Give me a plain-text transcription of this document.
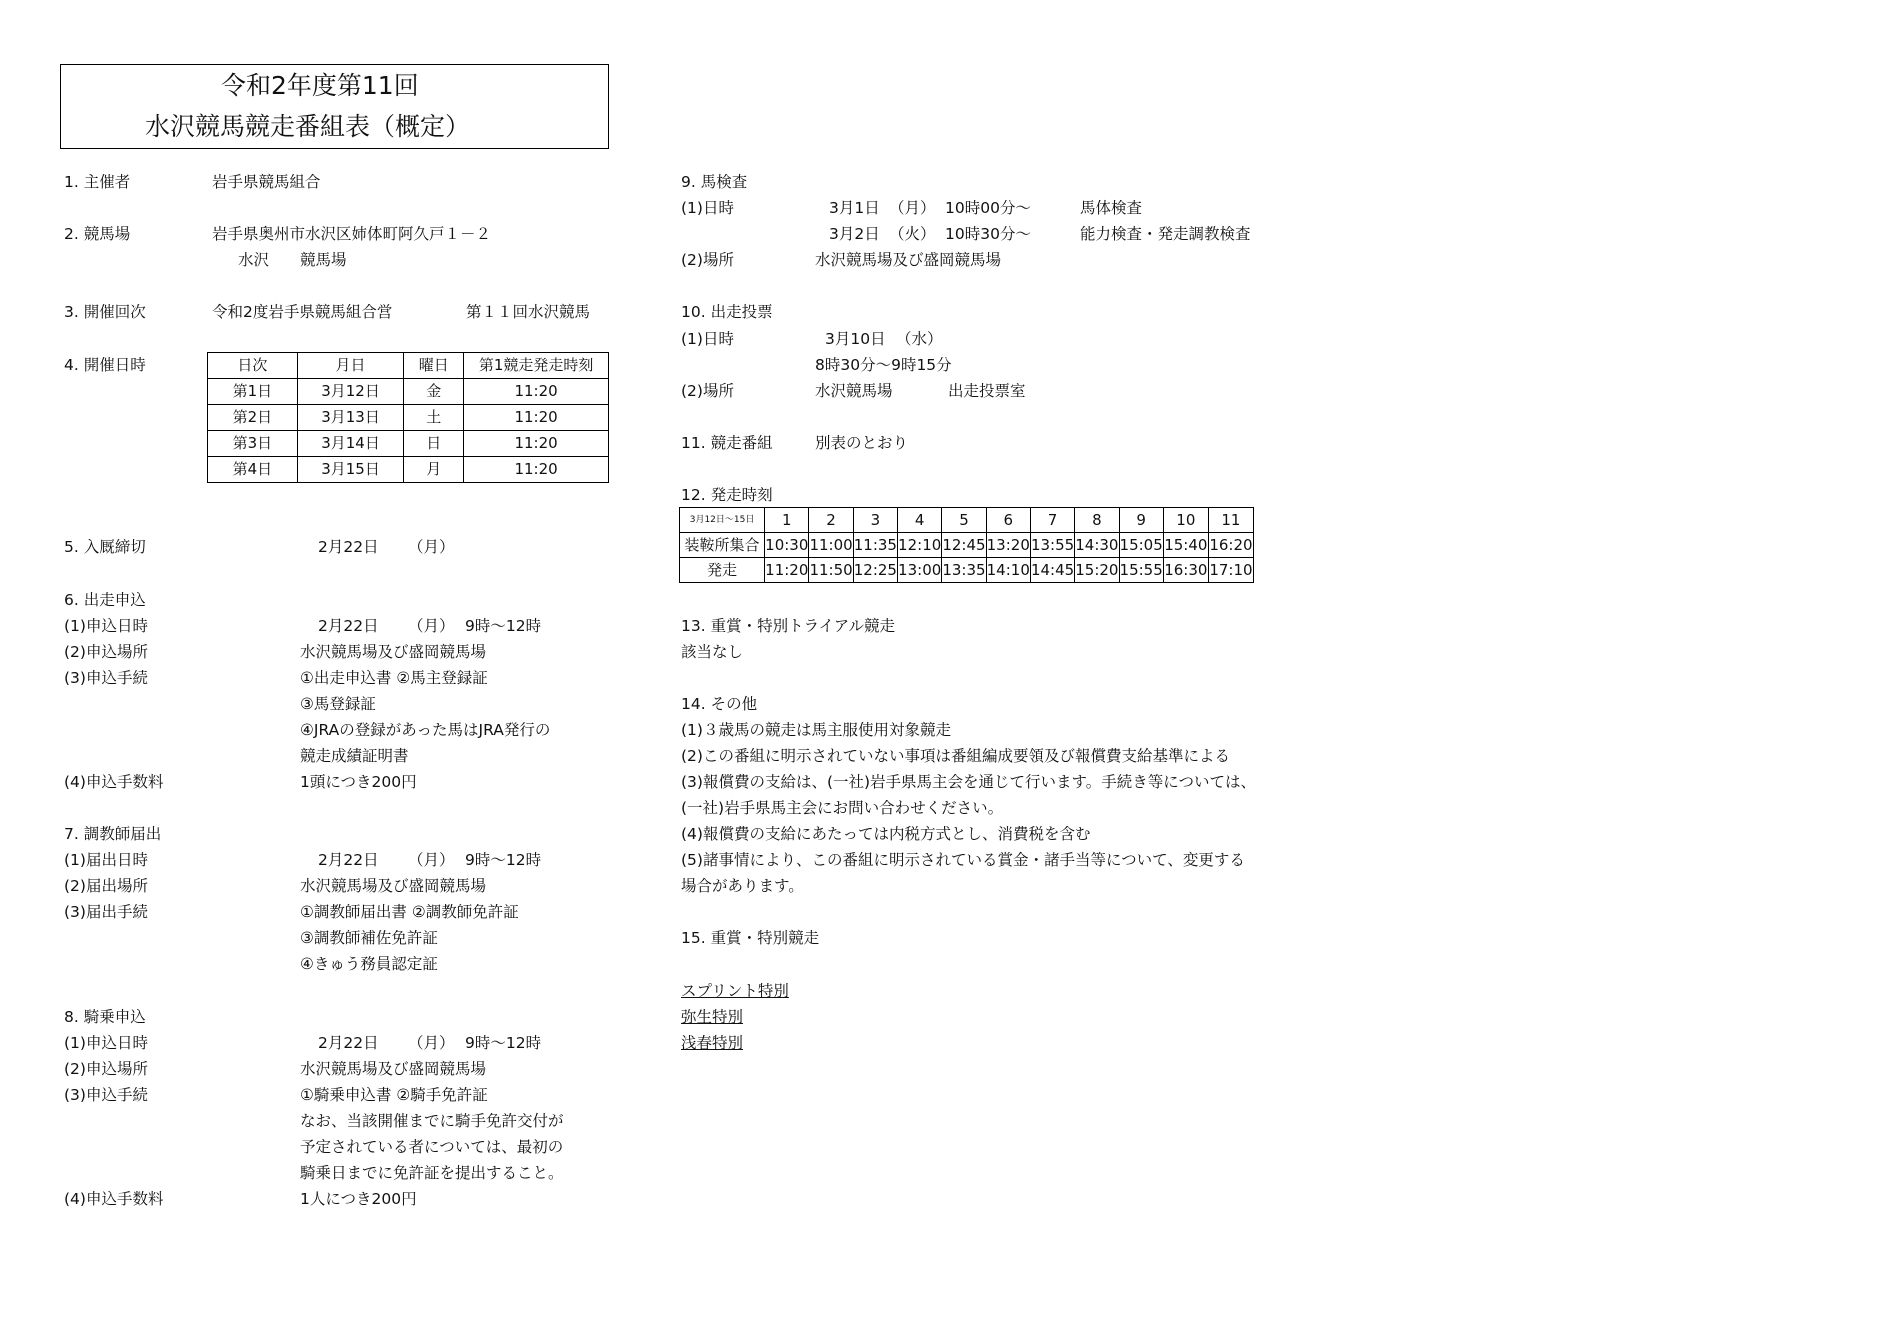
令和2年度第11回
水沢競馬競走番組表（概定）
1. 主催者	岩手県競馬組合
2. 競馬場	岩手県奥州市水沢区姉体町阿久戸１－２
水沢　　競馬場
3. 開催回次	令和2度岩手県競馬組合営	第１１回水沢競馬
4. 開催日時	日次	月日	曜日	第1競走発走時刻
第1日	3月12日	金	11:20
第2日	3月13日	土	11:20
第3日	3月14日	日	11:20
第4日	3月15日	月	11:20
5. 入厩締切	2月22日 （月）
6. 出走申込
(1)申込日時	2月22日 （月） 9時～12時
(2)申込場所	水沢競馬場及び盛岡競馬場
(3)申込手続	①出走申込書 ②馬主登録証
③馬登録証
④JRAの登録があった馬はJRA発行の
競走成績証明書
(4)申込手数料	1頭につき200円
7. 調教師届出
(1)届出日時	2月22日 （月） 9時～12時
(2)届出場所	水沢競馬場及び盛岡競馬場
(3)届出手続	①調教師届出書 ②調教師免許証
③調教師補佐免許証
④きゅう務員認定証
8. 騎乗申込
(1)申込日時	2月22日 （月） 9時～12時
(2)申込場所	水沢競馬場及び盛岡競馬場
(3)申込手続	①騎乗申込書 ②騎手免許証
なお、当該開催までに騎手免許交付が
予定されている者については、最初の
騎乗日までに免許証を提出すること。
(4)申込手数料	1人につき200円
9. 馬検査
(1)日時	3月1日 （月） 10時00分～	馬体検査
3月2日 （火） 10時30分～	能力検査・発走調教検査
(2)場所	水沢競馬場及び盛岡競馬場
10. 出走投票
(1)日時	3月10日 （水）
8時30分～9時15分
(2)場所	水沢競馬場	出走投票室
11. 競走番組	別表のとおり
12. 発走時刻
3月12日～15日	1	2	3	4	5	6	7	8	9	10	11
装鞍所集合	10:30	11:00	11:35	12:10	12:45	13:20	13:55	14:30	15:05	15:40	16:20
発走	11:20	11:50	12:25	13:00	13:35	14:10	14:45	15:20	15:55	16:30	17:10
13. 重賞・特別トライアル競走
該当なし
14. その他
(1)３歳馬の競走は馬主服使用対象競走
(2)この番組に明示されていない事項は番組編成要領及び報償費支給基準による
(3)報償費の支給は、(一社)岩手県馬主会を通じて行います。手続き等については、
(一社)岩手県馬主会にお問い合わせください。
(4)報償費の支給にあたっては内税方式とし、消費税を含む
(5)諸事情により、この番組に明示されている賞金・諸手当等について、変更する
場合があります。
15. 重賞・特別競走
スプリント特別
弥生特別
浅春特別
